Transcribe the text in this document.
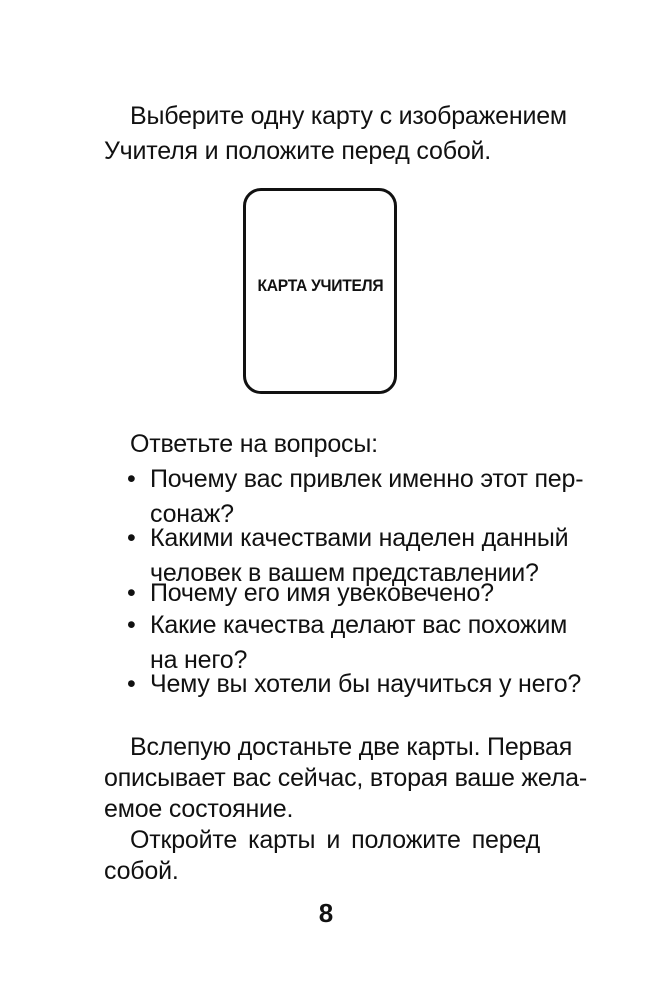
Выберите одну карту с изображением
Учителя и положите перед собой.
КАРТА УЧИТЕЛЯ
Ответьте на вопросы:
• Почему вас привлек именно этот пер-
сонаж?
• Какими качествами наделен данный
человек в вашем представлении?
• Почему его имя увековечено?
• Какие качества делают вас похожим
на него?
• Чему вы хотели бы научиться у него?
Вслепую достаньте две карты. Первая
описывает вас сейчас, вторая ваше жела-
емое состояние.
Откройте карты и положите перед
собой.
8
